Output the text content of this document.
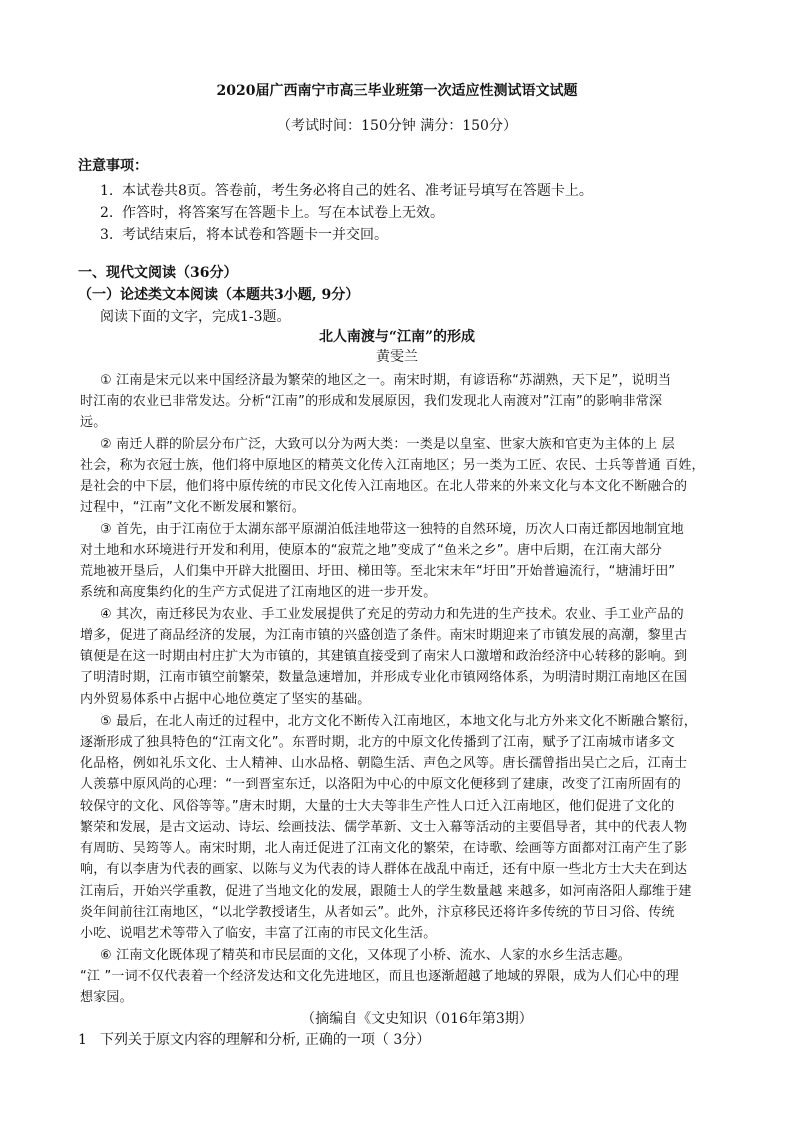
2020届广西南宁市高三毕业班第一次适应性测试语文试题
（考试时间：150分钟 满分：150分）
注意事项：
1. 本试卷共8页。答卷前，考生务必将自己的姓名、准考证号填写在答题卡上。
2. 作答时，将答案写在答题卡上。写在本试卷上无效。
3. 考试结束后，将本试卷和答题卡一并交回。
一、现代文阅读（36分）
（一）论述类文本阅读（本题共3小题, 9分）
阅读下面的文字，完成1-3题。
北人南渡与“江南”的形成
黄雯兰
① 江南是宋元以来中国经济最为繁荣的地区之一。南宋时期，有谚语称“苏湖熟，天下足”，说明当
时江南的农业已非常发达。分析“江南”的形成和发展原因，我们发现北人南渡对”江南”的影响非常深
远。
② 南迁人群的阶层分布广泛，大致可以分为两大类：一类是以皇室、世家大族和官吏为主体的上 层
社会，称为衣冠士族，他们将中原地区的精英文化传入江南地区；另一类为工匠、农民、士兵等普通 百姓，
是社会的中下层，他们将中原传统的市民文化传入江南地区。在北人带来的外来文化与本文化不断融合的
过程中，“江南”文化不断发展和繁衍。
③ 首先，由于江南位于太湖东部平原湖泊低洼地带这一独特的自然环境，历次人口南迁都因地制宜地
对土地和水环境进行开发和利用，使原本的“寂荒之地”变成了“鱼米之乡”。唐中后期，在江南大部分
荒地被开垦后，人们集中开辟大批圈田、圩田、梯田等。至北宋末年“圩田”开始普遍流行，“塘浦圩田”
系统和高度集约化的生产方式促进了江南地区的进一步开发。
④ 其次，南迁移民为农业、手工业发展提供了充足的劳动力和先进的生产技术。农业、手工业产品的
增多，促进了商品经济的发展，为江南市镇的兴盛创造了条件。南宋时期迎来了市镇发展的高潮，黎里古
镇便是在这一时期由村庄扩大为市镇的，其建镇直接受到了南宋人口激增和政治经济中心转移的影响。到
了明清时期，江南市镇空前繁荣，数量急速增加，并形成专业化市镇网络体系，为明清时期江南地区在国
内外贸易体系中占据中心地位奠定了坚实的基础。
⑤ 最后，在北人南迁的过程中，北方文化不断传入江南地区，本地文化与北方外来文化不断融合繁衍，
逐渐形成了独具特色的“江南文化”。东晋时期，北方的中原文化传播到了江南，赋予了江南城市诸多文
化品格，例如礼乐文化、士人精神、山水品格、朝隐生活、声色之风等。唐长孺曾指出吴亡之后，江南士
人羡慕中原风尚的心理：“一到晋室东迁，以洛阳为中心的中原文化便移到了建康，改变了江南所固有的
较保守的文化、风俗等等。”唐末时期，大量的士大夫等非生产性人口迁入江南地区，他们促进了文化的
繁荣和发展，是古文运动、诗坛、绘画技法、儒学革新、文士入幕等活动的主要倡导者，其中的代表人物
有周昉、吴筠等人。南宋时期，北人南迁促进了江南文化的繁荣，在诗歌、绘画等方面都对江南产生了影
响，有以李唐为代表的画家、以陈与义为代表的诗人群体在战乱中南迁，还有中原一些北方士大夫在到达
江南后，开始兴学重教，促进了当地文化的发展，跟随士人的学生数量越 来越多，如河南洛阳人鄢维于建
炎年间前往江南地区，“以北学教授诸生，从者如云”。此外，汴京移民还将许多传统的节日习俗、传统
小吃、说唱艺术等带入了临安，丰富了江南的市民文化生活。
⑥ 江南文化既体现了精英和市民层面的文化，又体现了小桥、流水、人家的水乡生活志趣。
“江 ”一词不仅代表着一个经济发达和文化先进地区，而且也逐渐超越了地域的界限，成为人们心中的理
想家园。
（摘编自《文史知识（016年第3期）
1 下列关于原文内容的理解和分析, 正确的一项（ 3分）
